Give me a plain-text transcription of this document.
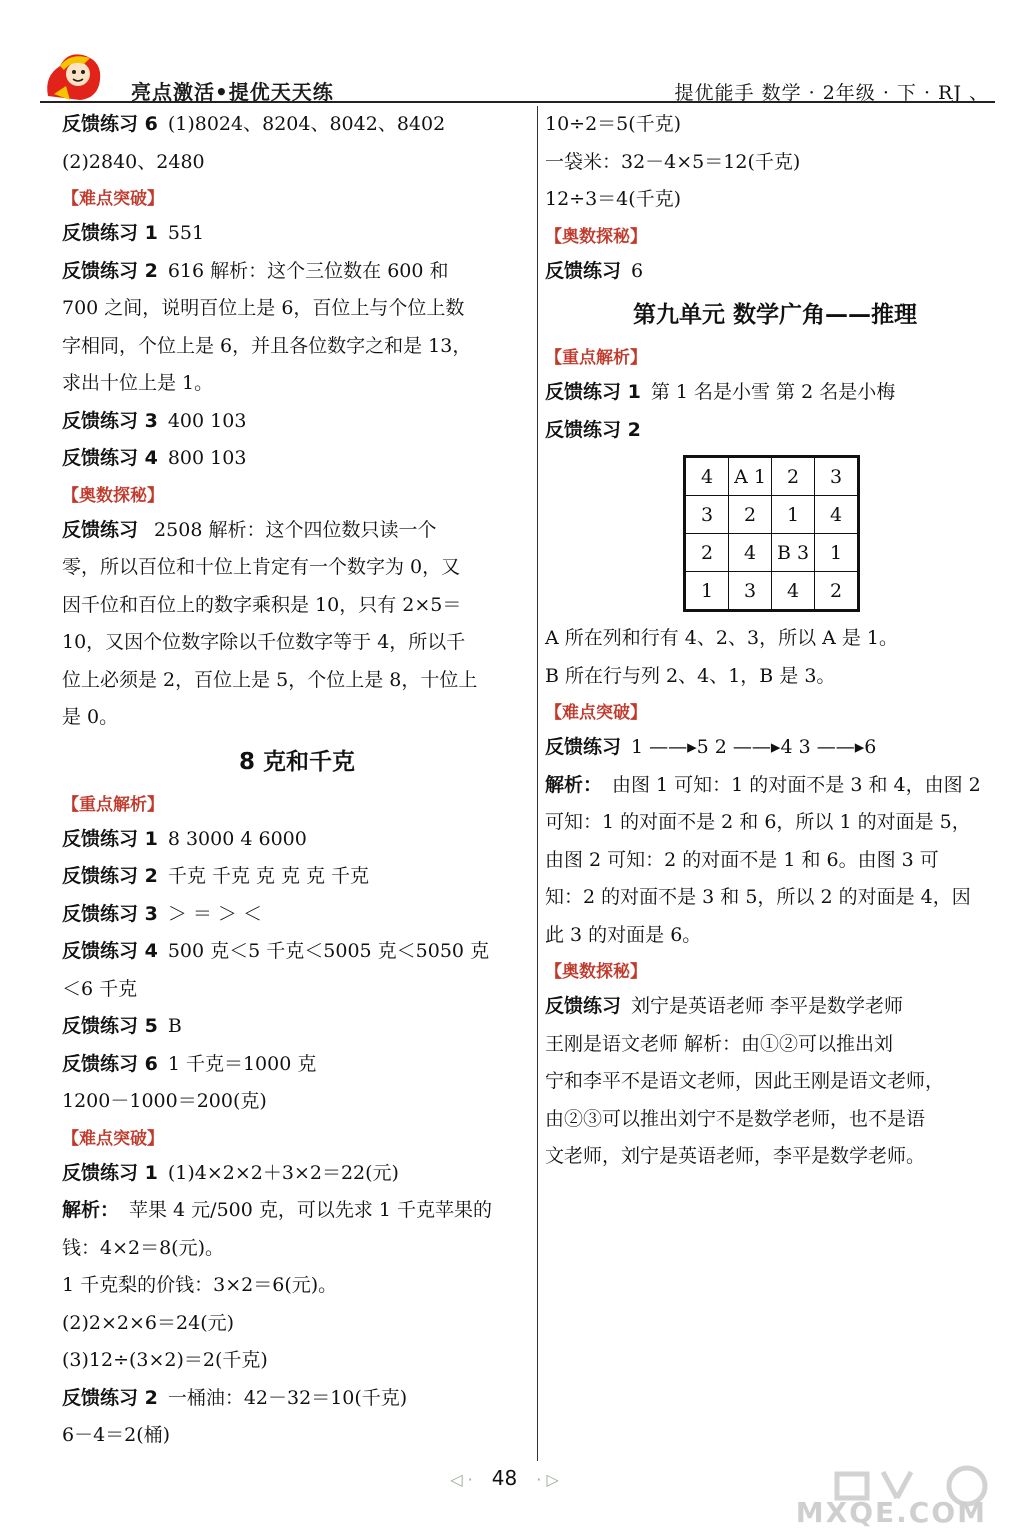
亮点激活•提优天天练	提优能手 数学 · 2年级 · 下 · RJ 、
反馈练习 6 (1)8024、8204、8042、8402
(2)2840、2480
【 难点突破 】
反馈练习 1 551
反馈练习 2 616 解析：这个三位数在 600 和
700 之间，说明百位上是 6，百位上与个位上数
字相同，个位上是 6，并且各位数字之和是 13，
求出十位上是 1。
反馈练习 3 400 103
反馈练习 4 800 103
【 奥数探秘 】
反馈练习 2508 解析：这个四位数只读一个
零，所以百位和十位上肯定有一个数字为 0，又
因千位和百位上的数字乘积是 10，只有 2×5＝
10，又因个位数字除以千位数字等于 4，所以千
位上必须是 2，百位上是 5，个位上是 8，十位上
是 0。
8 克和千克
【 重点解析 】
反馈练习 1 8 3000 4 6000
反馈练习 2 千克 千克 克 克 克 千克
反馈练习 3 ＞ ＝ ＞ ＜
反馈练习 4 500 克＜5 千克＜5005 克＜5050 克
＜6 千克
反馈练习 5 B
反馈练习 6 1 千克＝1000 克
1200－1000＝200(克)
【 难点突破 】
反馈练习 1 (1)4×2×2＋3×2＝22(元)
解析： 苹果 4 元/500 克，可以先求 1 千克苹果的
钱：4×2＝8(元)。
1 千克梨的价钱：3×2＝6(元)。
(2)2×2×6＝24(元)
(3)12÷(3×2)＝2(千克)
反馈练习 2 一桶油：42－32＝10(千克)
6－4＝2(桶)
10÷2＝5(千克)
一袋米：32－4×5＝12(千克)
12÷3＝4(千克)
【 奥数探秘 】
反馈练习 6
第九单元 数学广角——推理
【 重点解析 】
反馈练习 1 第 1 名是小雪 第 2 名是小梅
反馈练习 2
4	A 1	2	3
3	2	1	4
2	4	B 3	1
1	3	4	2
A 所在列和行有 4、2、3，所以 A 是 1。
B 所在行与列 2、4、1，B 是 3。
【 难点突破 】
反馈练习 1 ——▸5 2 ——▸4 3 ——▸6
解析： 由图 1 可知：1 的对面不是 3 和 4，由图 2
可知：1 的对面不是 2 和 6，所以 1 的对面是 5，
由图 2 可知：2 的对面不是 1 和 6。由图 3 可
知：2 的对面不是 3 和 5，所以 2 的对面是 4，因
此 3 的对面是 6。
【 奥数探秘 】
反馈练习 刘宁是英语老师 李平是数学老师
王刚是语文老师 解析：由①②可以推出刘
宁和李平不是语文老师，因此王刚是语文老师，
由②③可以推出刘宁不是数学老师，也不是语
文老师，刘宁是英语老师，李平是数学老师。
◁ · 48 · ▷
MXQE.COM
